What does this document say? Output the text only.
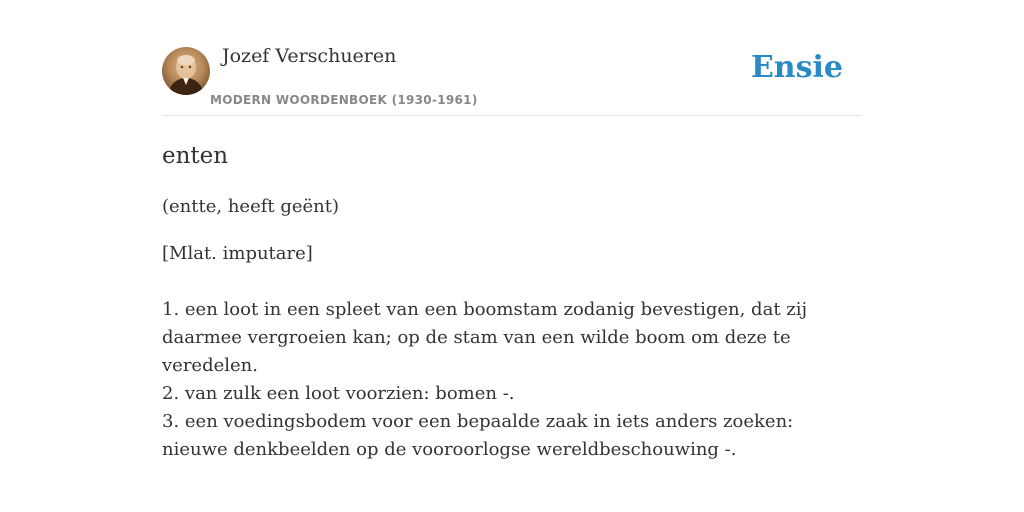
Jozef Verschueren
MODERN WOORDENBOEK (1930-1961)
Ensie
enten
(entte, heeft geënt)
[Mlat. imputare]
1. een loot in een spleet van een boomstam zodanig bevestigen, dat zij daarmee vergroeien kan; op de stam van een wilde boom om deze te veredelen.
2. van zulk een loot voorzien: bomen -.
3. een voedingsbodem voor een bepaalde zaak in iets anders zoeken: nieuwe denkbeelden op de vooroorlogse wereldbeschouwing -.
